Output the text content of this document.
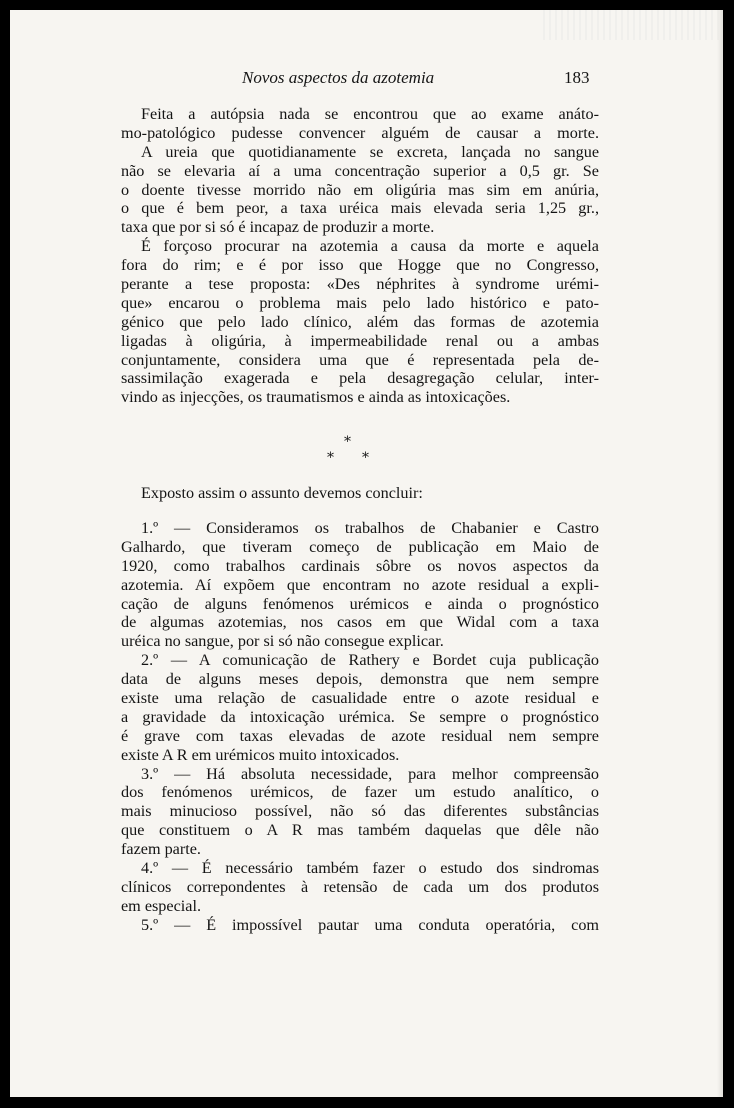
Novos aspectos da azotemia	183
Feita a autópsia nada se encontrou que ao exame anáto-
mo-patológico pudesse convencer alguém de causar a morte.
A ureia que quotidianamente se excreta, lançada no sangue
não se elevaria aí a uma concentração superior a 0,5 gr. Se
o doente tivesse morrido não em oligúria mas sim em anúria,
o que é bem peor, a taxa uréica mais elevada seria 1,25 gr.,
taxa que por si só é incapaz de produzir a morte.
É forçoso procurar na azotemia a causa da morte e aquela
fora do rim; e é por isso que Hogge que no Congresso,
perante a tese proposta: «Des néphrites à syndrome urémi-
que» encarou o problema mais pelo lado histórico e pato-
génico que pelo lado clínico, além das formas de azotemia
ligadas à oligúria, à impermeabilidade renal ou a ambas
conjuntamente, considera uma que é representada pela de-
sassimilação exagerada e pela desagregação celular, inter-
vindo as injecções, os traumatismos e ainda as intoxicações.
*
* *
Exposto assim o assunto devemos concluir:
1.º — Consideramos os trabalhos de Chabanier e Castro
Galhardo, que tiveram começo de publicação em Maio de
1920, como trabalhos cardinais sôbre os novos aspectos da
azotemia. Aí expõem que encontram no azote residual a expli-
cação de alguns fenómenos urémicos e ainda o prognóstico
de algumas azotemias, nos casos em que Widal com a taxa
uréica no sangue, por si só não consegue explicar.
2.º — A comunicação de Rathery e Bordet cuja publicação
data de alguns meses depois, demonstra que nem sempre
existe uma relação de casualidade entre o azote residual e
a gravidade da intoxicação urémica. Se sempre o prognóstico
é grave com taxas elevadas de azote residual nem sempre
existe A R em urémicos muito intoxicados.
3.º — Há absoluta necessidade, para melhor compreensão
dos fenómenos urémicos, de fazer um estudo analítico, o
mais minucioso possível, não só das diferentes substâncias
que constituem o A R mas também daquelas que dêle não
fazem parte.
4.º — É necessário também fazer o estudo dos sindromas
clínicos correpondentes à retensão de cada um dos produtos
em especial.
5.º — É impossível pautar uma conduta operatória, com
